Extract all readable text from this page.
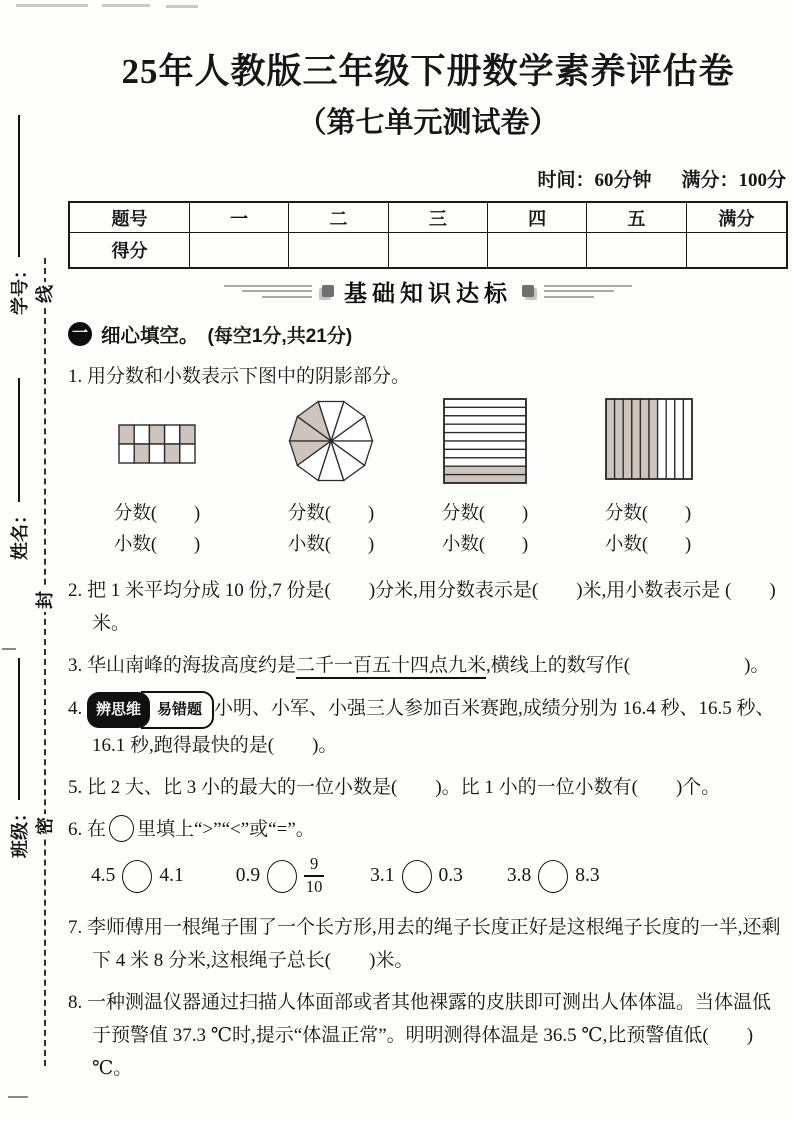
学号：
姓名：
班级：
线
封
密
25年人教版三年级下册数学素养评估卷
（第七单元测试卷）
时间：60分钟 满分：100分
题号	一	二	三	四	五	满分
得分
基础知识达标
一 细心填空。 (每空1分,共21分)
1. 用分数和小数表示下图中的阴影部分。
分数(　　)
小数(　　)
分数(　　)
小数(　　)
分数(　　)
小数(　　)
分数(　　)
小数(　　)
2. 把 1 米平均分成 10 份,7 份是(　　)分米,用分数表示是(　　)米,用小数表示是 (　　)米。
3. 华山南峰的海拔高度约是二千一百五十四点九米,横线上的数写作(　　　　　　)。
4. 辨思维 易错题 小明、小军、小强三人参加百米赛跑,成绩分别为 16.4 秒、16.5 秒、16.1 秒,跑得最快的是(　　)。
5. 比 2 大、比 3 小的最大的一位小数是(　　)。比 1 小的一位小数有(　　)个。
6. 在 里填上“>”“<”或“=”。
4.5 4.1	0.9	$\frac{9}{10} 3.1$ 0.3 3.8 8.3
7. 李师傅用一根绳子围了一个长方形,用去的绳子长度正好是这根绳子长度的一半,还剩下 4 米 8 分米,这根绳子总长(　　)米。
8. 一种测温仪器通过扫描人体面部或者其他裸露的皮肤即可测出人体体温。当体温低于预警值 37.3 ℃时,提示“体温正常”。明明测得体温是 36.5 ℃,比预警值低(　　)℃。
